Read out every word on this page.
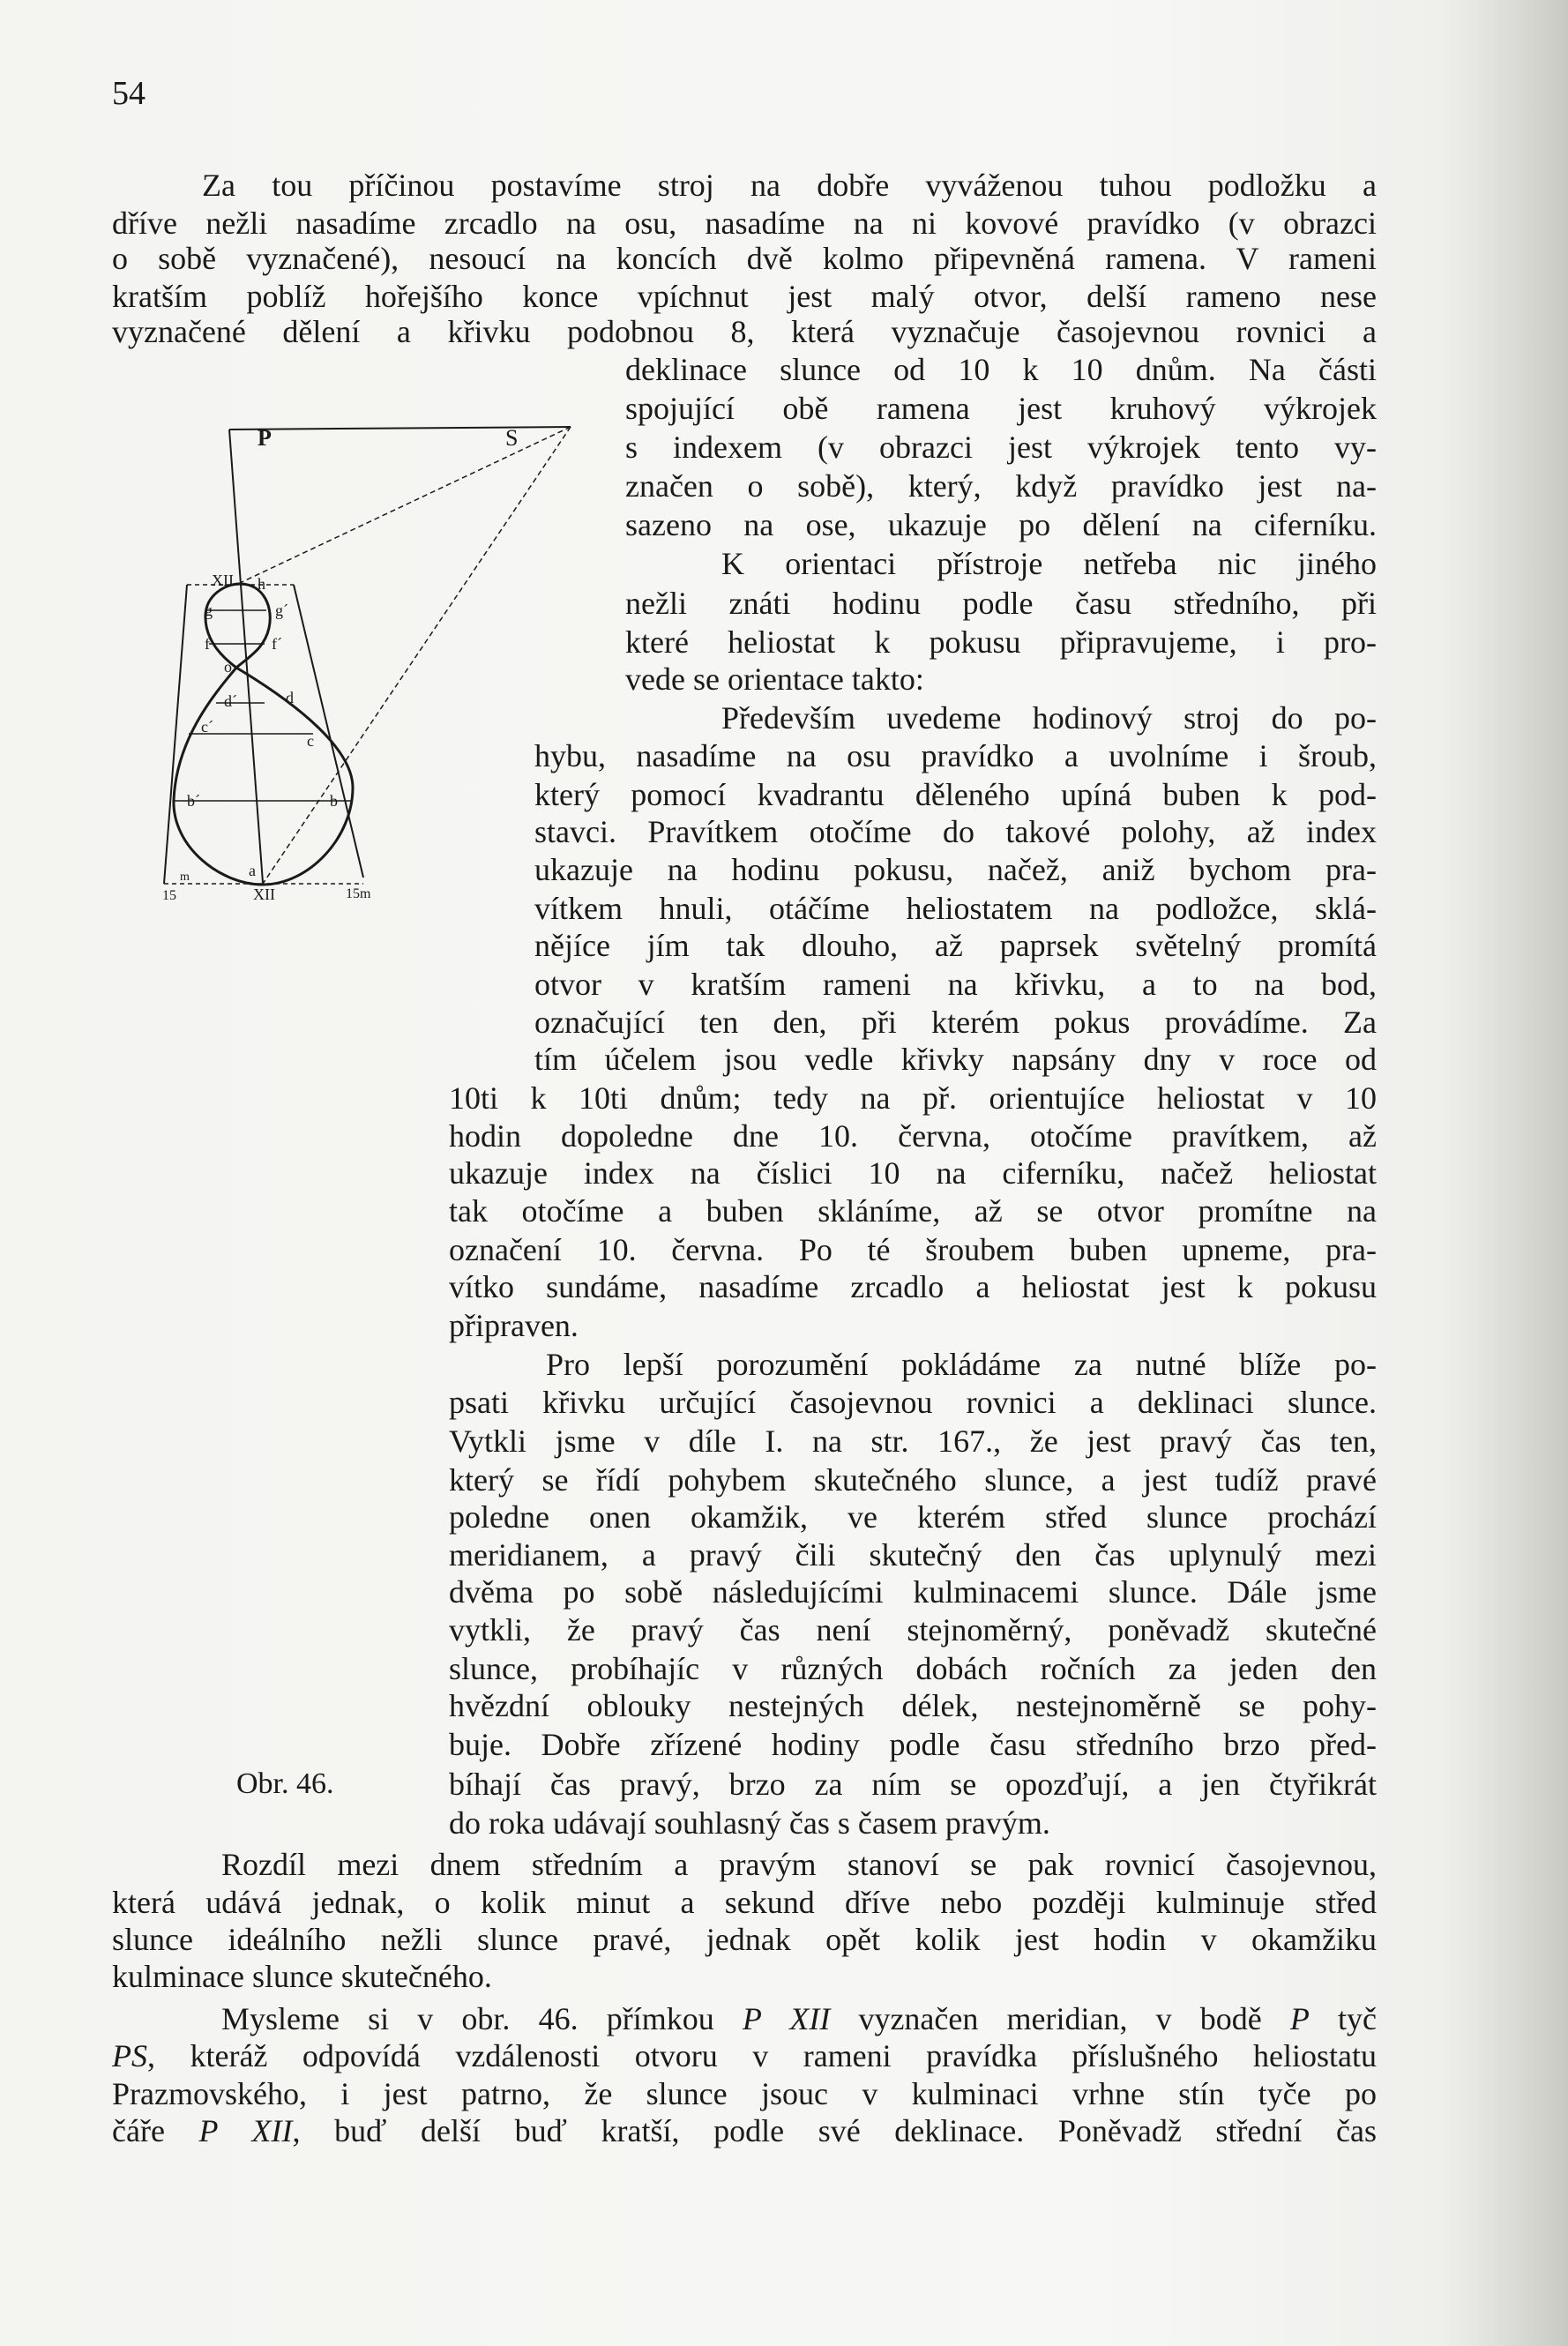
54
P	S
XII h
g	g´
f	f´
o
d´	d
c´
c
b´	b
a
XII
15
m
15m
Obr. 46.
Za tou příčinou postavíme stroj na dobře vyváženou tuhou podložku a
dříve nežli nasadíme zrcadlo na osu, nasadíme na ni kovové pravídko (v obrazci
o sobě vyznačené), nesoucí na koncích dvě kolmo připevněná ramena. V rameni
kratším poblíž hořejšího konce vpíchnut jest malý otvor, delší rameno nese
vyznačené dělení a křivku podobnou 8, která vyznačuje časojevnou rovnici a
deklinace slunce od 10 k 10 dnům. Na části
spojující obě ramena jest kruhový výkrojek
s indexem (v obrazci jest výkrojek tento vy-
značen o sobě), který, když pravídko jest na-
sazeno na ose, ukazuje po dělení na ciferníku.
K orientaci přístroje netřeba nic jiného
nežli znáti hodinu podle času středního, při
které heliostat k pokusu připravujeme, i pro-
vede se orientace takto:
Především uvedeme hodinový stroj do po-
hybu, nasadíme na osu pravídko a uvolníme i šroub,
který pomocí kvadrantu děleného upíná buben k pod-
stavci. Pravítkem otočíme do takové polohy, až index
ukazuje na hodinu pokusu, načež, aniž bychom pra-
vítkem hnuli, otáčíme heliostatem na podložce, sklá-
nějíce jím tak dlouho, až paprsek světelný promítá
otvor v kratším rameni na křivku, a to na bod,
označující ten den, při kterém pokus provádíme. Za
tím účelem jsou vedle křivky napsány dny v roce od
10ti k 10ti dnům; tedy na př. orientujíce heliostat v 10
hodin dopoledne dne 10. června, otočíme pravítkem, až
ukazuje index na číslici 10 na ciferníku, načež heliostat
tak otočíme a buben skláníme, až se otvor promítne na
označení 10. června. Po té šroubem buben upneme, pra-
vítko sundáme, nasadíme zrcadlo a heliostat jest k pokusu
připraven.
Pro lepší porozumění pokládáme za nutné blíže po-
psati křivku určující časojevnou rovnici a deklinaci slunce.
Vytkli jsme v díle I. na str. 167., že jest pravý čas ten,
který se řídí pohybem skutečného slunce, a jest tudíž pravé
poledne onen okamžik, ve kterém střed slunce prochází
meridianem, a pravý čili skutečný den čas uplynulý mezi
dvěma po sobě následujícími kulminacemi slunce. Dále jsme
vytkli, že pravý čas není stejnoměrný, poněvadž skutečné
slunce, probíhajíc v různých dobách ročních za jeden den
hvězdní oblouky nestejných délek, nestejnoměrně se pohy-
buje. Dobře zřízené hodiny podle času středního brzo před-
bíhají čas pravý, brzo za ním se opozďují, a jen čtyřikrát
do roka udávají souhlasný čas s časem pravým.
Rozdíl mezi dnem středním a pravým stanoví se pak rovnicí časojevnou,
která udává jednak, o kolik minut a sekund dříve nebo později kulminuje střed
slunce ideálního nežli slunce pravé, jednak opět kolik jest hodin v okamžiku
kulminace slunce skutečného.
Mysleme si v obr. 46. přímkou P XII vyznačen meridian, v bodě P tyč
PS, kteráž odpovídá vzdálenosti otvoru v rameni pravídka příslušného heliostatu
Prazmovského, i jest patrno, že slunce jsouc v kulminaci vrhne stín tyče po
čáře P XII, buď delší buď kratší, podle své deklinace. Poněvadž střední čas
